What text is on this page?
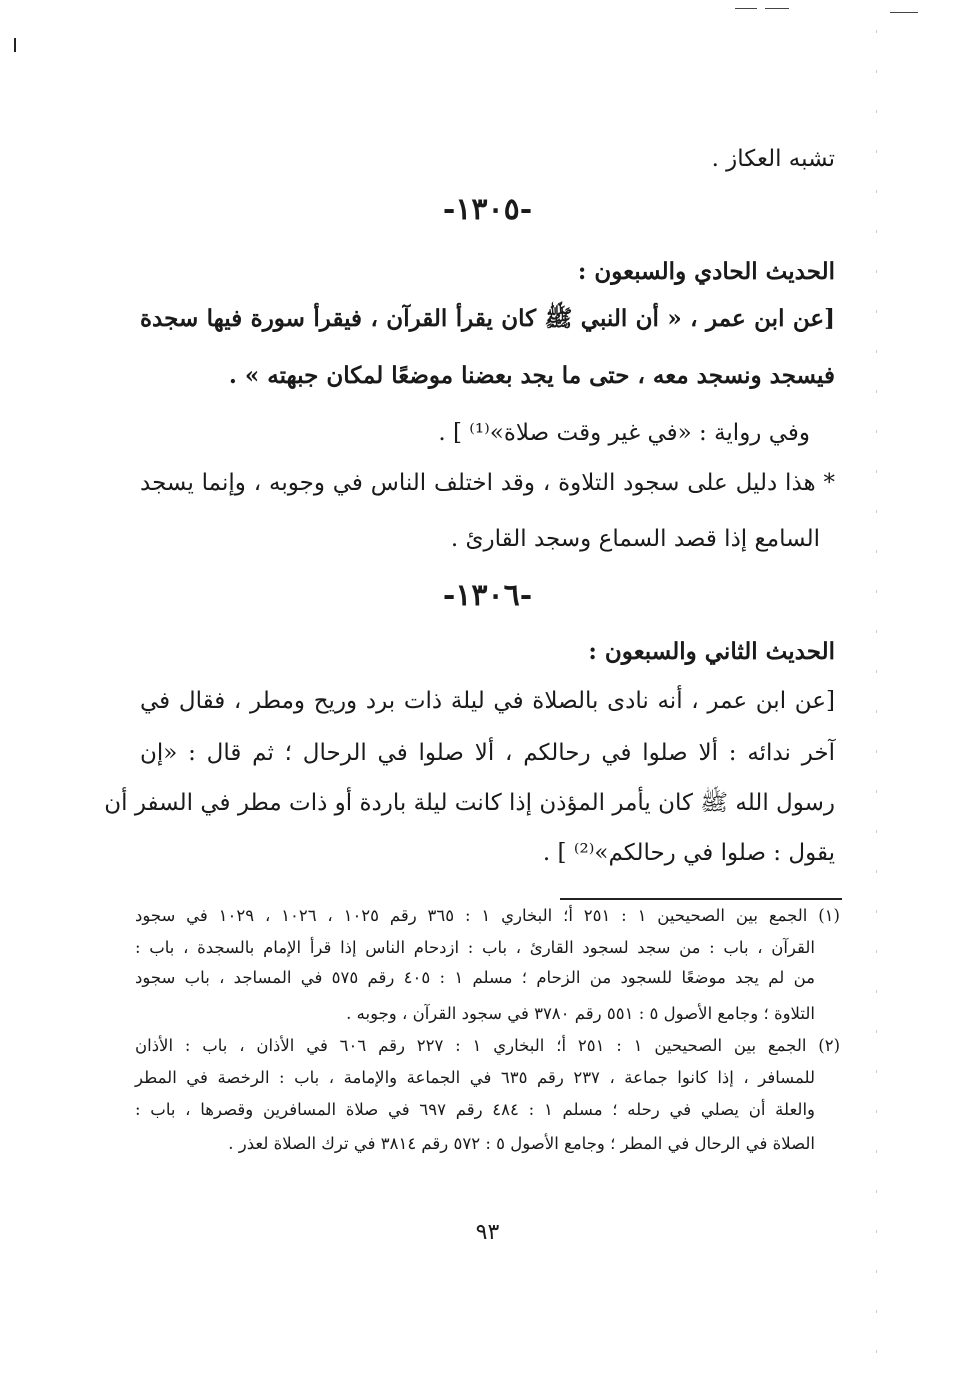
تشبه العكاز .
-١٣٠٥-
الحديث الحادي والسبعون :
[عن ابن عمر ، « أن النبي ﷺ كان يقرأ القرآن ، فيقرأ سورة فيها سجدة
فيسجد ونسجد معه ، حتى ما يجد بعضنا موضعًا لمكان جبهته » .
وفي رواية : «في غير وقت صلاة»⁽¹⁾ ] .
* هذا دليل على سجود التلاوة ، وقد اختلف الناس في وجوبه ، وإنما يسجد
السامع إذا قصد السماع وسجد القارئ .
-١٣٠٦-
الحديث الثاني والسبعون :
[عن ابن عمر ، أنه نادى بالصلاة في ليلة ذات برد وريح ومطر ، فقال في
آخر ندائه : ألا صلوا في رحالكم ، ألا صلوا في الرحال ؛ ثم قال : «إن
رسول الله ﷺ كان يأمر المؤذن إذا كانت ليلة باردة أو ذات مطر في السفر أن
يقول : صلوا في رحالكم»⁽²⁾ ] .
(١) الجمع بين الصحيحين ١ : ٢٥١ أ؛ البخاري ١ : ٣٦٥ رقم ١٠٢٥ ، ١٠٢٦ ، ١٠٢٩ في سجود
القرآن ، باب : من سجد لسجود القارئ ، باب : ازدحام الناس إذا قرأ الإمام بالسجدة ، باب :
من لم يجد موضعًا للسجود من الزحام ؛ مسلم ١ : ٤٠٥ رقم ٥٧٥ في المساجد ، باب سجود
التلاوة ؛ وجامع الأصول ٥ : ٥٥١ رقم ٣٧٨٠ في سجود القرآن ، وجوبه .
(٢) الجمع بين الصحيحين ١ : ٢٥١ أ؛ البخاري ١ : ٢٢٧ رقم ٦٠٦ في الأذان ، باب : الأذان
للمسافر ، إذا كانوا جماعة ، ٢٣٧ رقم ٦٣٥ في الجماعة والإمامة ، باب : الرخصة في المطر
والعلة أن يصلي في رحله ؛ مسلم ١ : ٤٨٤ رقم ٦٩٧ في صلاة المسافرين وقصرها ، باب :
الصلاة في الرحال في المطر ؛ وجامع الأصول ٥ : ٥٧٢ رقم ٣٨١٤ في ترك الصلاة لعذر .
٩٣
